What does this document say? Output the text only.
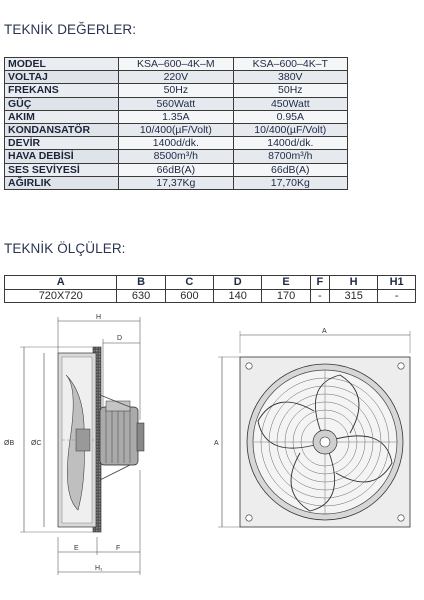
TEKNİK DEĞERLER:
MODEL	KSA–600–4K–M	KSA–600–4K–T
VOLTAJ	220V	380V
FREKANS	50Hz	50Hz
GÜÇ	560Watt	450Watt
AKIM	1.35A	0.95A
KONDANSATÖR	10/400(µF/Volt)	10/400(µF/Volt)
DEVİR	1400d/dk.	1400d/dk.
HAVA DEBİSİ	8500m³/h	8700m³/h
SES SEVİYESİ	66dB(A)	66dB(A)
AĞIRLIK	17,37Kg	17,70Kg
TEKNİK ÖLÇÜLER:
A	B	C	D	E	F	H	H1
720X720	630	600	140	170	-	315	-
H
D
ØB ØC
E	F
H₁
A
A
